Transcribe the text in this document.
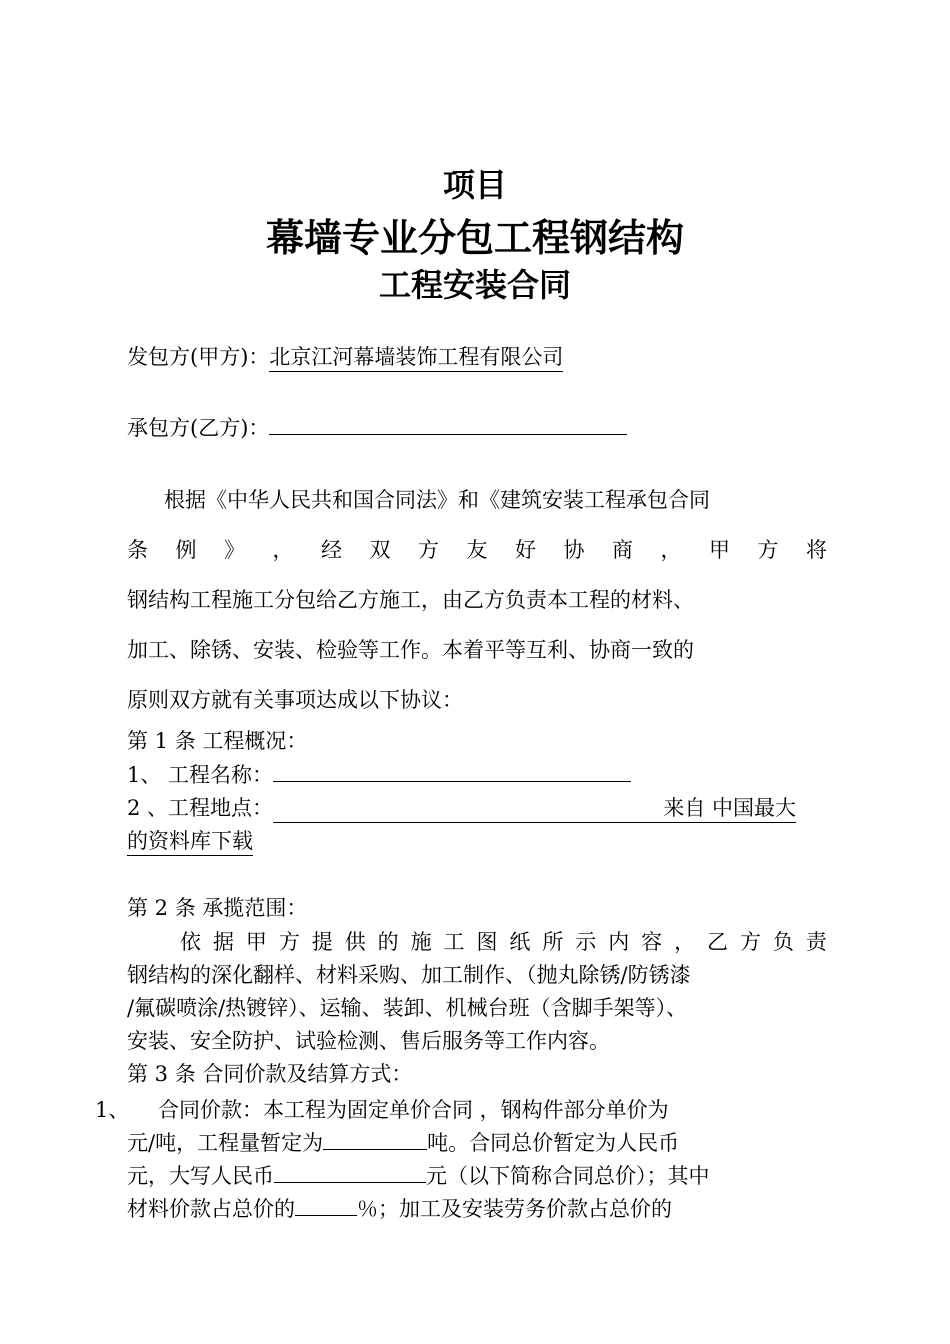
项目
幕墙专业分包工程钢结构
工程安装合同
发包方(甲方)：北京江河幕墙装饰工程有限公司
承包方(乙方)：
根据《中华人民共和国合同法》和《建筑安装工程承包合同
条 例 》 ， 经 双 方 友 好 协 商 ， 甲 方 将
钢结构工程施工分包给乙方施工，由乙方负责本工程的材料、
加工、除锈、安装、检验等工作。本着平等互利、协商一致的
原则双方就有关事项达成以下协议：
第 1 条 工程概况：
1、 工程名称：
2 、工程地点：	来自 中国最大
的资料库下载
第 2 条 承揽范围：
依 据 甲 方 提 供 的 施 工 图 纸 所 示 内 容 ， 乙 方 负 责
钢结构的深化翻样、材料采购、加工制作、（抛丸除锈/防锈漆
/氟碳喷涂/热镀锌）、运输、装卸、机械台班（含脚手架等）、
安装、安全防护、试验检测、售后服务等工作内容。
第 3 条 合同价款及结算方式：
1、 合同价款：本工程为固定单价合同 ，钢构件部分单价为
元/吨，工程量暂定为	吨。合同总价暂定为人民币
元，大写人民币	元（以下简称合同总价）；其中
材料价款占总价的	％；加工及安装劳务价款占总价的
